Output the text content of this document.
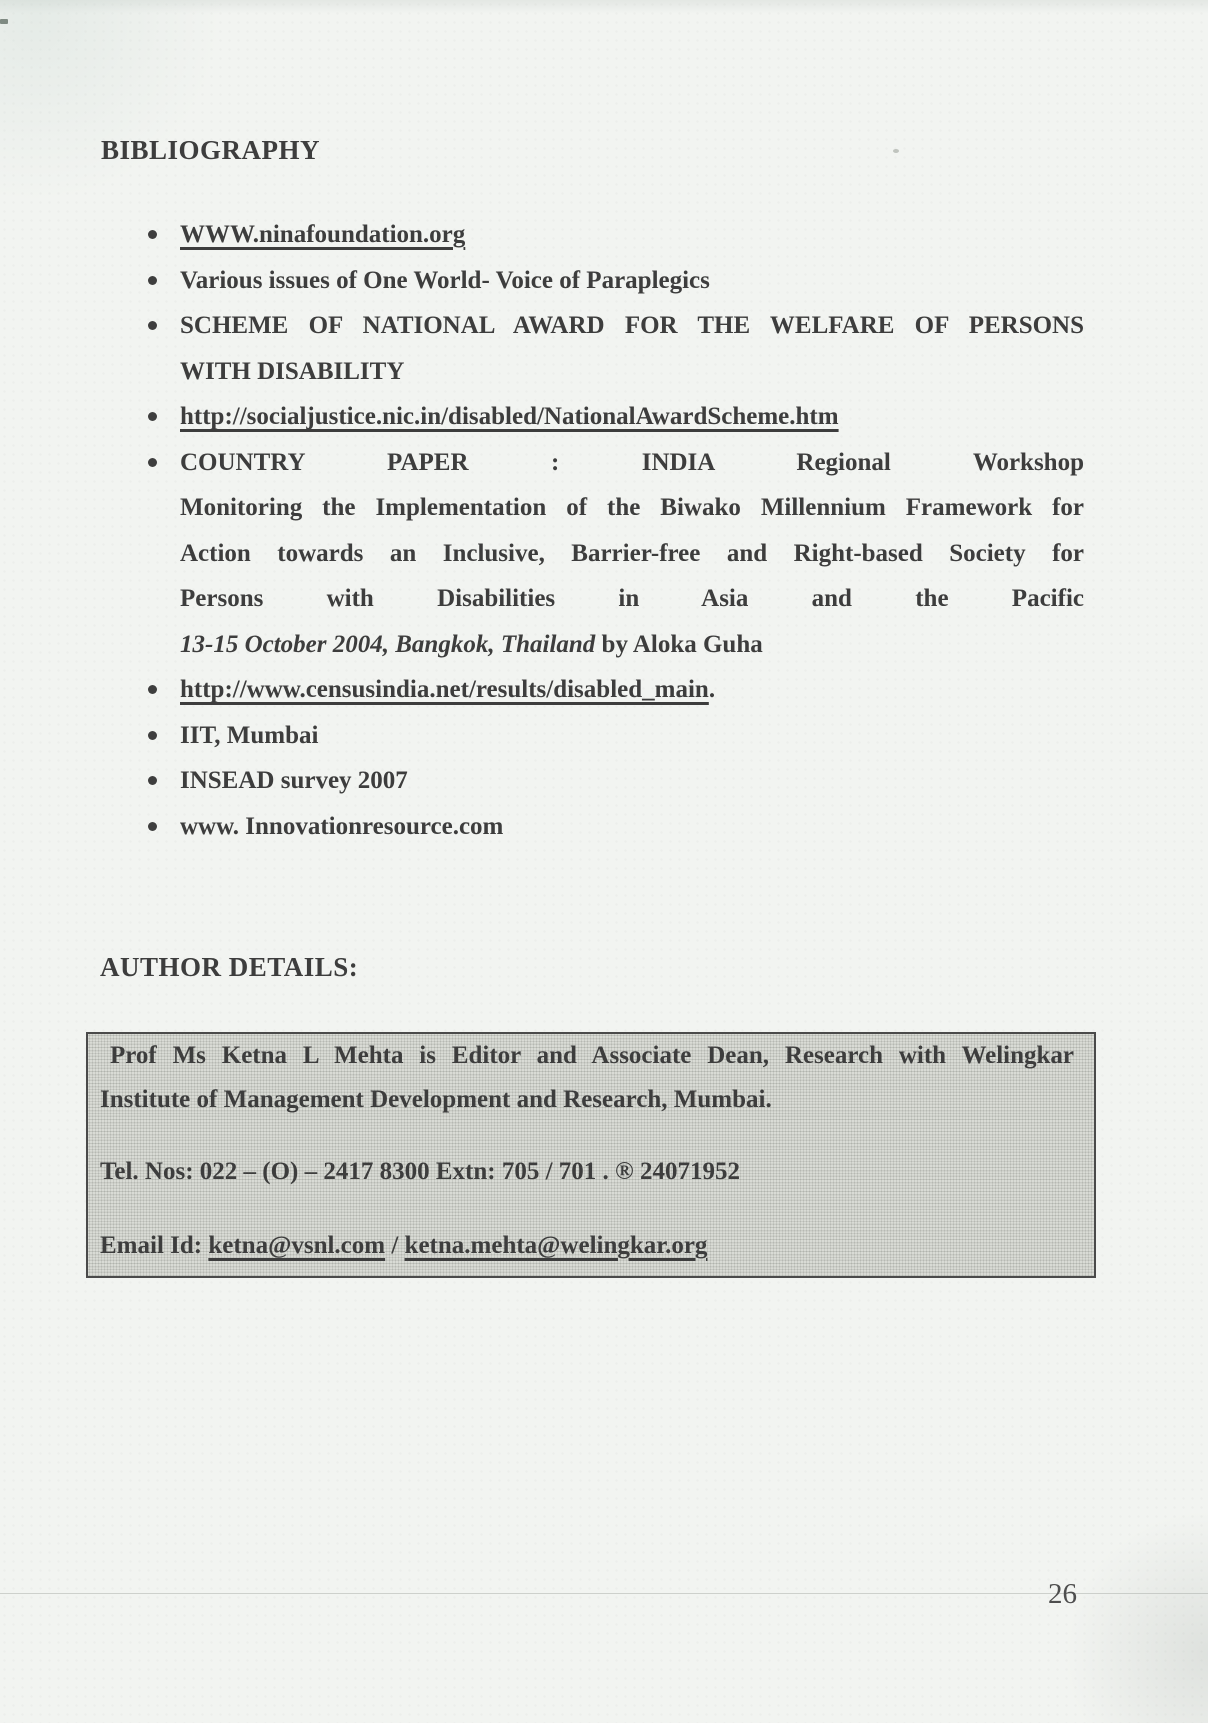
BIBLIOGRAPHY
WWW.ninafoundation.org
Various issues of One World- Voice of Paraplegics
SCHEME OF NATIONAL AWARD FOR THE WELFARE OF PERSONS
WITH DISABILITY
http://socialjustice.nic.in/disabled/NationalAwardScheme.htm
COUNTRY PAPER : INDIA Regional Workshop
Monitoring the Implementation of the Biwako Millennium Framework for
Action towards an Inclusive, Barrier-free and Right-based Society for
Persons with Disabilities in Asia and the Pacific
13-15 October 2004, Bangkok, Thailand by Aloka Guha
http://www.censusindia.net/results/disabled_main.
IIT, Mumbai
INSEAD survey 2007
www. Innovationresource.com
AUTHOR DETAILS:

Prof Ms Ketna L Mehta is Editor and Associate Dean, Research with Welingkar

Institute of Management Development and Research, Mumbai.

Tel. Nos: 022 – (O) – 2417 8300 Extn: 705 / 701 . ® 24071952

Email Id: ketna@vsnl.com / ketna.mehta@welingkar.org

26
